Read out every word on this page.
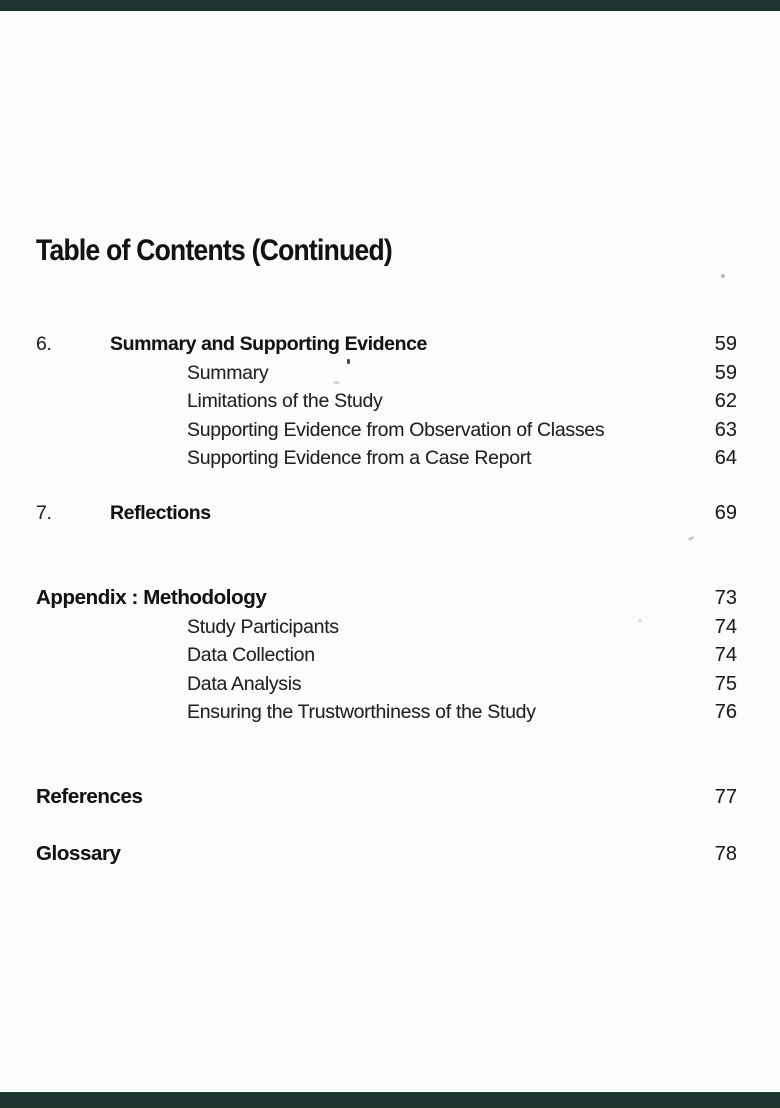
Table of Contents (Continued)
6.	Summary and Supporting Evidence	59
Summary	59
Limitations of the Study	62
Supporting Evidence from Observation of Classes	63
Supporting Evidence from a Case Report	64
7.	Reflections	69
Appendix : Methodology	73
Study Participants	74
Data Collection	74
Data Analysis	75
Ensuring the Trustworthiness of the Study	76
References	77
Glossary	78
